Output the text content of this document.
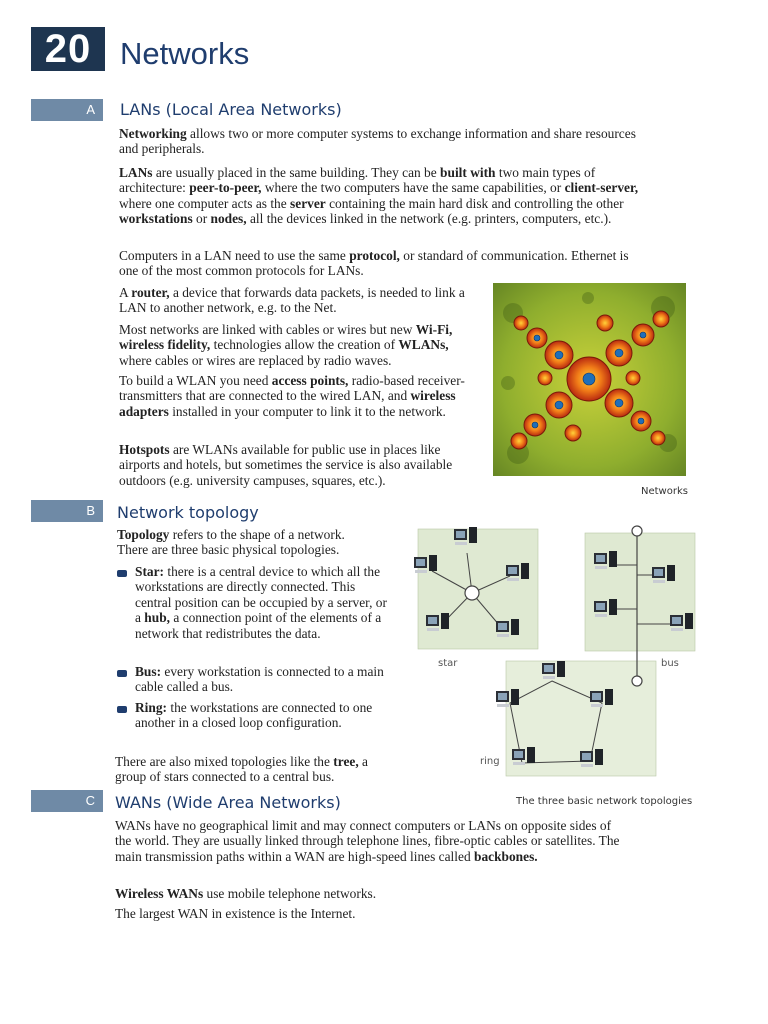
20 Networks
A	LANs (Local Area Networks)

Networking allows two or more computer systems to exchange information and share resources and peripherals.

LANs are usually placed in the same building. They can be built with two main types of architecture: peer-to-peer, where the two computers have the same capabilities, or client-server, where one computer acts as the server containing the main hard disk and controlling the other workstations or nodes, all the devices linked in the network (e.g. printers, computers, etc.).

Computers in a LAN need to use the same protocol, or standard of communication. Ethernet is one of the most common protocols for LANs.

A router, a device that forwards data packets, is needed to link a LAN to another network, e.g. to the Net.

Most networks are linked with cables or wires but new Wi-Fi, wireless fidelity, technologies allow the creation of WLANs, where cables or wires are replaced by radio waves.

To build a WLAN you need access points, radio-based receiver-transmitters that are connected to the wired LAN, and wireless adapters installed in your computer to link it to the network.

Hotspots are WLANs available for public use in places like airports and hotels, but sometimes the service is also available outdoors (e.g. university campuses, squares, etc.).

Networks
B	Network topology

Topology refers to the shape of a network. There are three basic physical topologies.

Star: there is a central device to which all the workstations are directly connected. This central position can be occupied by a server, or a hub, a connection point of the elements of a network that redistributes the data.

Bus: every workstation is connected to a main cable called a bus.

Ring: the workstations are connected to one another in a closed loop configuration.

There are also mixed topologies like the tree, a group of stars connected to a central bus.

star	bus
ring
The three basic network topologies
C	WANs (Wide Area Networks)

WANs have no geographical limit and may connect computers or LANs on opposite sides of the world. They are usually linked through telephone lines, fibre-optic cables or satellites. The main transmission paths within a WAN are high-speed lines called backbones.

Wireless WANs use mobile telephone networks.

The largest WAN in existence is the Internet.
